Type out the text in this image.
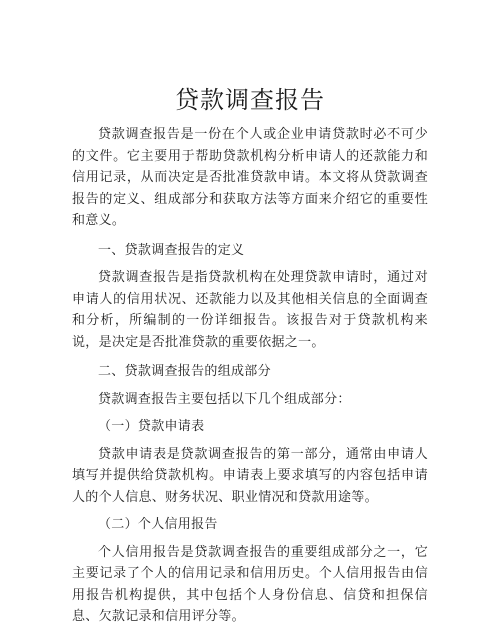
贷款调查报告

贷款调查报告是一份在个人或企业申请贷款时必不可少的文件。它主要用于帮助贷款机构分析申请人的还款能力和信用记录，从而决定是否批准贷款申请。本文将从贷款调查报告的定义、组成部分和获取方法等方面来介绍它的重要性和意义。

一、贷款调查报告的定义

贷款调查报告是指贷款机构在处理贷款申请时，通过对申请人的信用状况、还款能力以及其他相关信息的全面调查和分析，所编制的一份详细报告。该报告对于贷款机构来说，是决定是否批准贷款的重要依据之一。

二、贷款调查报告的组成部分

贷款调查报告主要包括以下几个组成部分：

（一）贷款申请表

贷款申请表是贷款调查报告的第一部分，通常由申请人填写并提供给贷款机构。申请表上要求填写的内容包括申请人的个人信息、财务状况、职业情况和贷款用途等。

（二）个人信用报告

个人信用报告是贷款调查报告的重要组成部分之一，它主要记录了个人的信用记录和信用历史。个人信用报告由信用报告机构提供，其中包括个人身份信息、信贷和担保信息、欠款记录和信用评分等。
